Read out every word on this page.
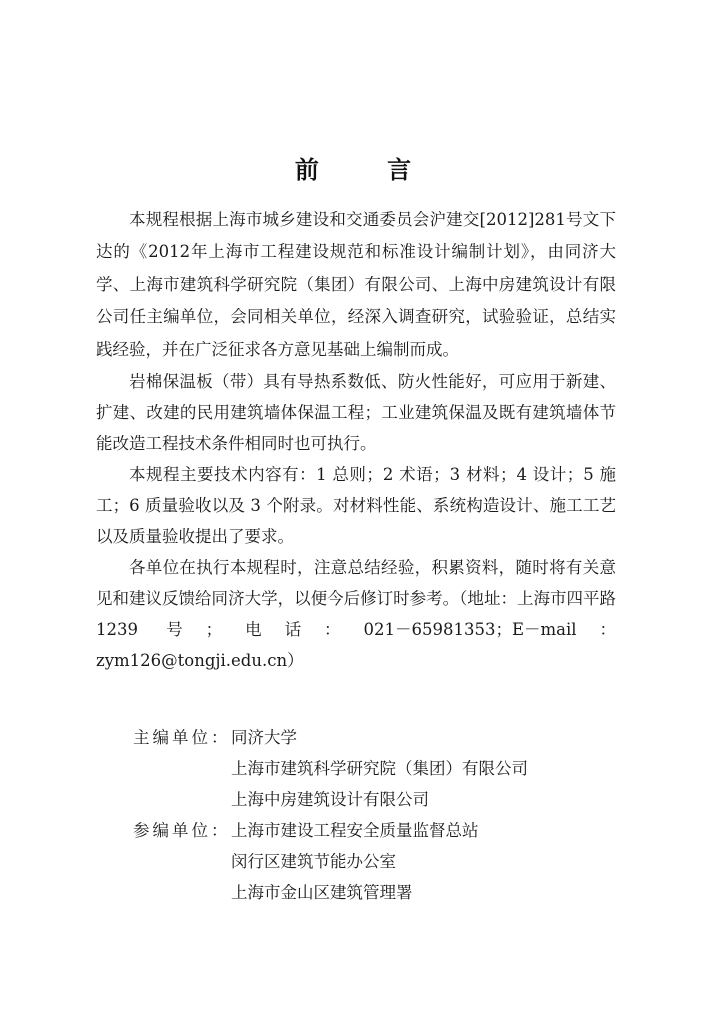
前 言

本规程根据上海市城乡建设和交通委员会沪建交[2012]281号文下达的《2012年上海市工程建设规范和标准设计编制计划》，由同济大学、上海市建筑科学研究院（集团）有限公司、上海中房建筑设计有限公司任主编单位，会同相关单位，经深入调查研究，试验验证，总结实践经验，并在广泛征求各方意见基础上编制而成。

岩棉保温板（带）具有导热系数低、防火性能好，可应用于新建、扩建、改建的民用建筑墙体保温工程；工业建筑保温及既有建筑墙体节能改造工程技术条件相同时也可执行。

本规程主要技术内容有：1 总则；2 术语；3 材料；4 设计；5 施工；6 质量验收以及 3 个附录。对材料性能、系统构造设计、施工工艺以及质量验收提出了要求。

各单位在执行本规程时，注意总结经验，积累资料，随时将有关意见和建议反馈给同济大学，以便今后修订时参考。（地址：上海市四平路 1239 号；电话：021－65981353；E－mail：zym126@tongji.edu.cn）

主编单位： 同济大学
上海市建筑科学研究院（集团）有限公司
上海中房建筑设计有限公司
参编单位： 上海市建设工程安全质量监督总站
闵行区建筑节能办公室
上海市金山区建筑管理署
